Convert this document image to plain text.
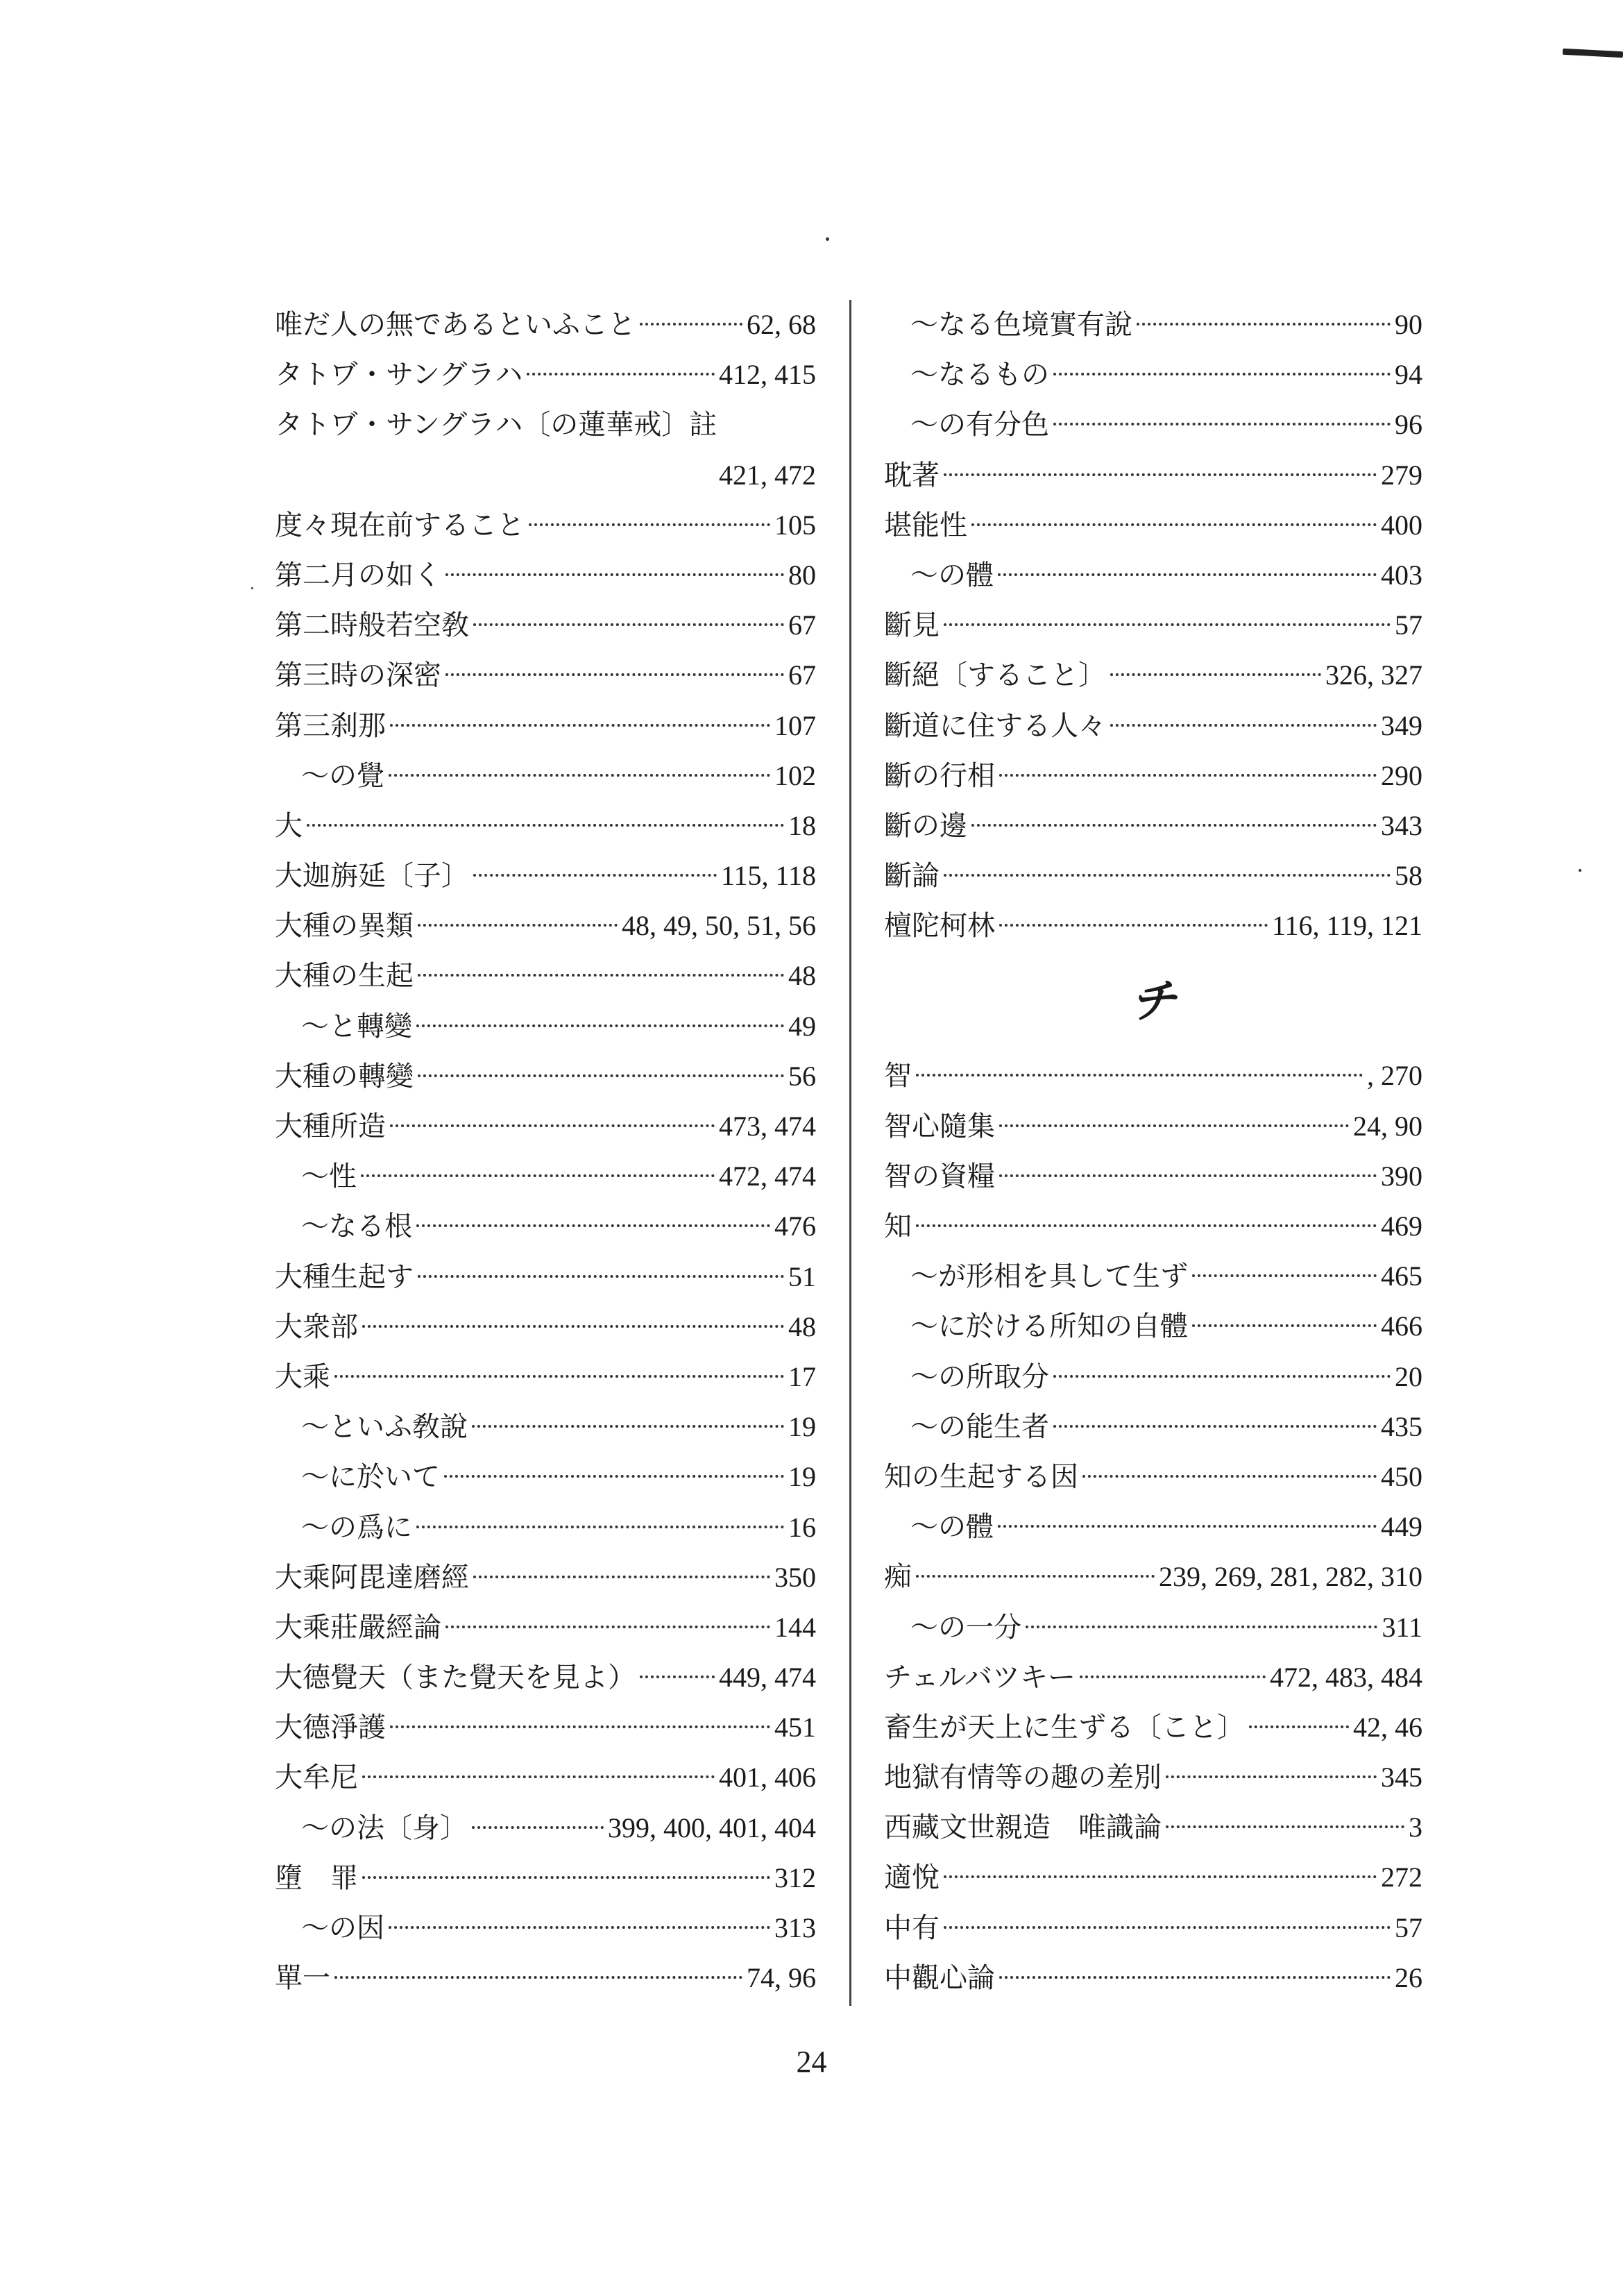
唯だ人の無であるといふこと	62, 68
タトヷ・サングラハ	412, 415
タトヷ・サングラハ〔の蓮華戒〕註
421, 472
度々現在前すること	105
第二月の如く	80
第二時般若空敎	67
第三時の深密	67
第三刹那	107
〜の覺	102
大	18
大迦旃延〔子〕	115, 118
大種の異類	48, 49, 50, 51, 56
大種の生起	48
〜と轉變	49
大種の轉變	56
大種所造	473, 474
〜性	472, 474
〜なる根	476
大種生起す	51
大衆部	48
大乘	17
〜といふ敎說	19
〜に於いて	19
〜の爲に	16
大乘阿毘達磨經	350
大乘莊嚴經論	144
大德覺天（また覺天を見よ）	449, 474
大德淨護	451
大牟尼	401, 406
〜の法〔身〕	399, 400, 401, 404
墮　罪	312
〜の因	313
單一	74, 96
〜なる色境實有說	90
〜なるもの	94
〜の有分色	96
耽著	279
堪能性	400
〜の體	403
斷見	57
斷絕〔すること〕	326, 327
斷道に住する人々	349
斷の行相	290
斷の邊	343
斷論	58
檀陀柯林	116, 119, 121
チ
智	, 270
智心隨集	24, 90
智の資糧	390
知	469
〜が形相を具して生ず	465
〜に於ける所知の自體	466
〜の所取分	20
〜の能生者	435
知の生起する因	450
〜の體	449
痴	239, 269, 281, 282, 310
〜の一分	311
チェルバツキー	472, 483, 484
畜生が天上に生ずる〔こと〕	42, 46
地獄有情等の趣の差別	345
西藏文世親造　唯識論	3
適悅	272
中有	57
中觀心論	26
24
